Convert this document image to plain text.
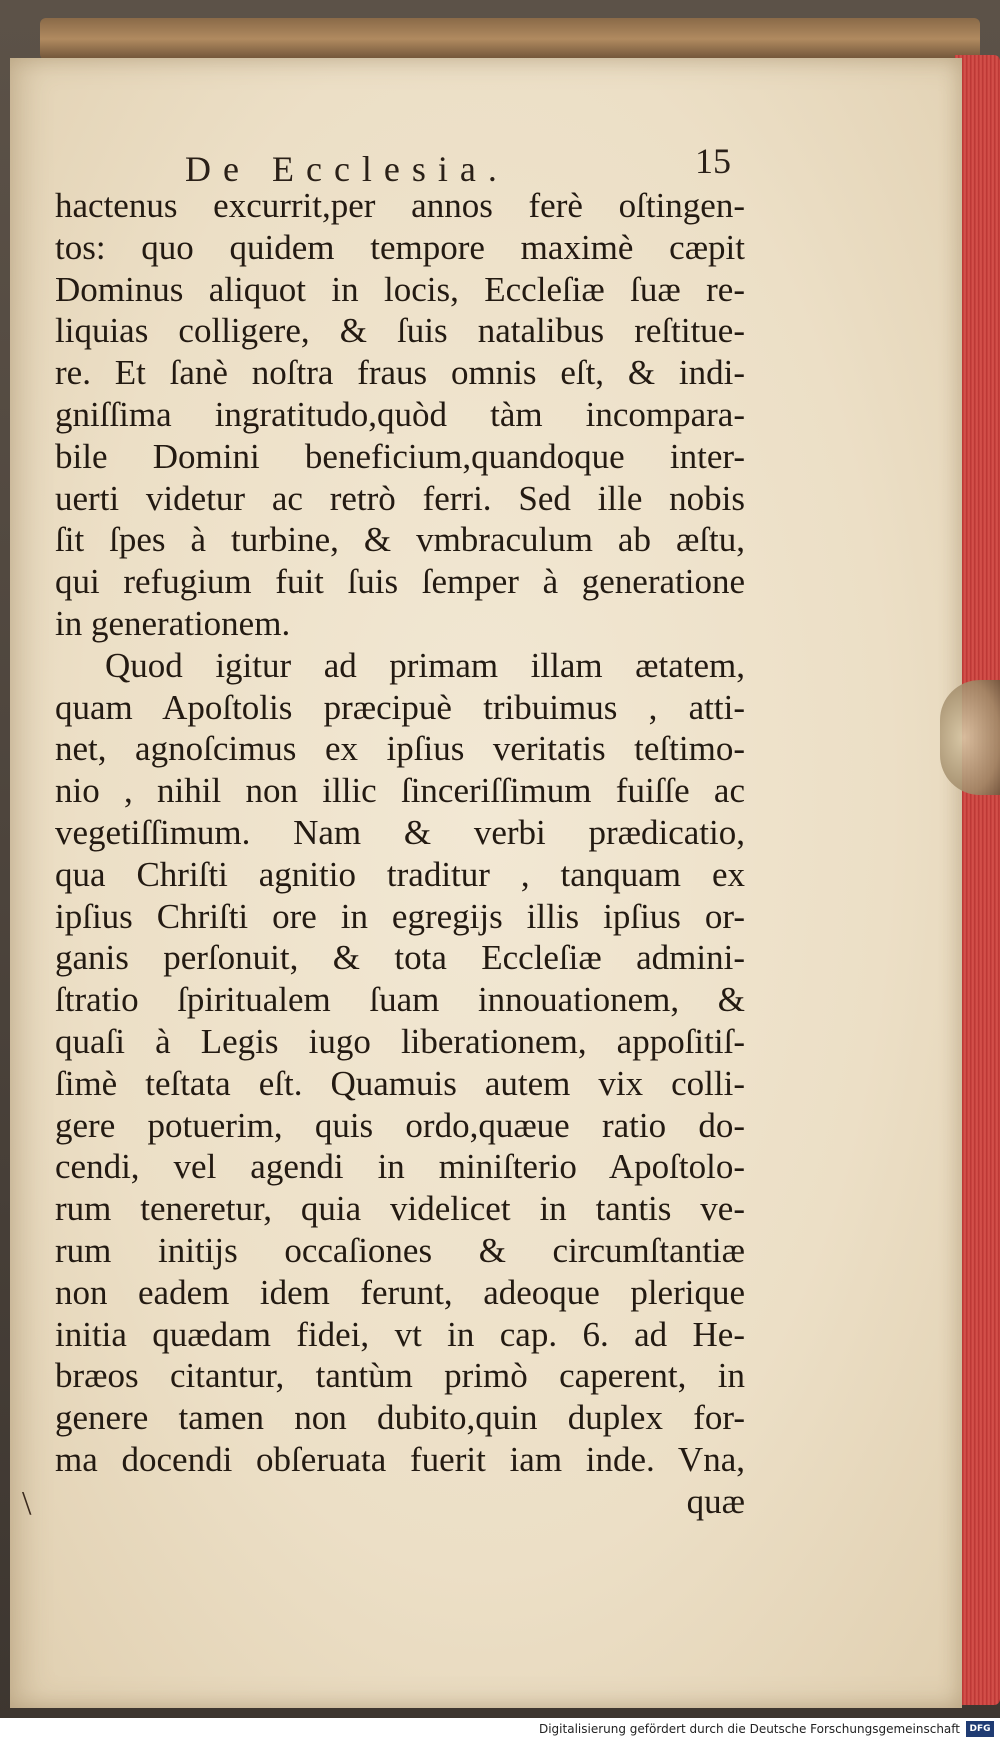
De Ecclesia.	15
hactenus excurrit,per annos ferè oſtingen-
tos: quo quidem tempore maximè cæpit
Dominus aliquot in locis, Eccleſiæ ſuæ re-
liquias colligere, & ſuis natalibus reſtitue-
re. Et ſanè noſtra fraus omnis eſt, & indi-
gniſſima ingratitudo,quòd tàm incompara-
bile Domini beneficium,quandoque inter-
uerti videtur ac retrò ferri. Sed ille nobis
ſit ſpes à turbine, & vmbraculum ab æſtu,
qui refugium fuit ſuis ſemper à generatione
in generationem.
Quod igitur ad primam illam ætatem,
quam Apoſtolis præcipuè tribuimus , atti-
net, agnoſcimus ex ipſius veritatis teſtimo-
nio , nihil non illic ſinceriſſimum fuiſſe ac
vegetiſſimum. Nam & verbi prædicatio,
qua Chriſti agnitio traditur , tanquam ex
ipſius Chriſti ore in egregijs illis ipſius or-
ganis perſonuit, & tota Eccleſiæ admini-
ſtratio ſpiritualem ſuam innouationem, &
quaſi à Legis iugo liberationem, appoſitiſ-
ſimè teſtata eſt. Quamuis autem vix colli-
gere potuerim, quis ordo,quæue ratio do-
cendi, vel agendi in miniſterio Apoſtolo-
rum teneretur, quia videlicet in tantis ve-
rum initijs occaſiones & circumſtantiæ
non eadem idem ferunt, adeoque plerique
initia quædam fidei, vt in cap. 6. ad He-
bræos citantur, tantùm primò caperent, in
genere tamen non dubito,quin duplex for-
ma docendi obſeruata fuerit iam inde. Vna,
quæ
\
Digitalisierung gefördert durch die Deutsche Forschungsgemeinschaft	DFG
